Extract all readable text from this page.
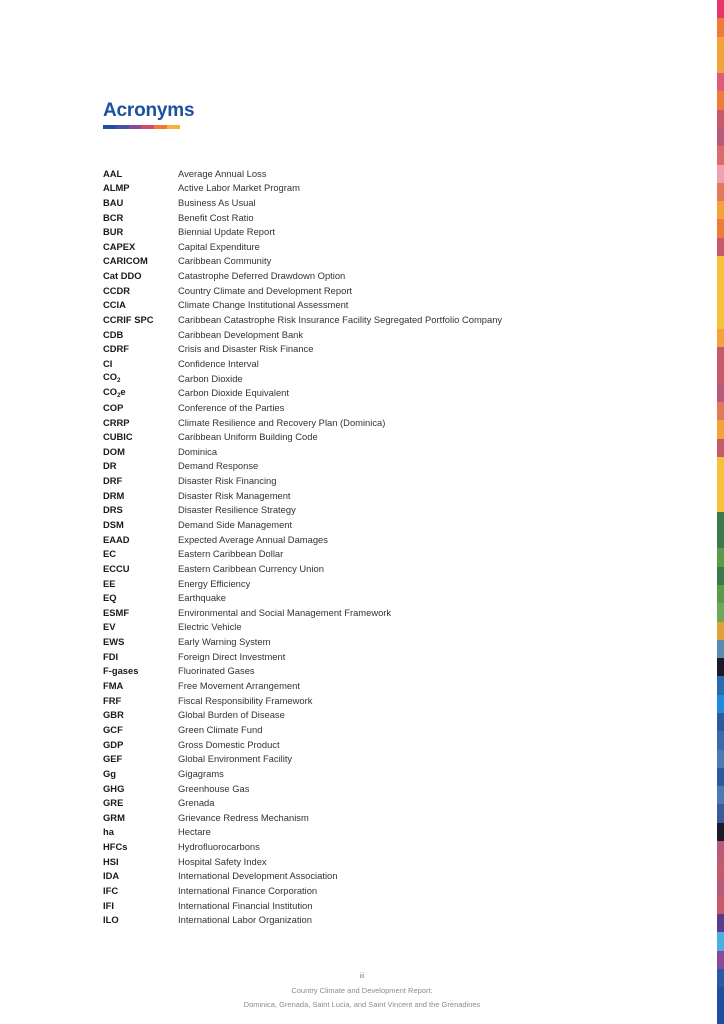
Acronyms
AAL	Average Annual Loss
ALMP	Active Labor Market Program
BAU	Business As Usual
BCR	Benefit Cost Ratio
BUR	Biennial Update Report
CAPEX	Capital Expenditure
CARICOM	Caribbean Community
Cat DDO	Catastrophe Deferred Drawdown Option
CCDR	Country Climate and Development Report
CCIA	Climate Change Institutional Assessment
CCRIF SPC	Caribbean Catastrophe Risk Insurance Facility Segregated Portfolio Company
CDB	Caribbean Development Bank
CDRF	Crisis and Disaster Risk Finance
CI	Confidence Interval
$CO_2$	Carbon Dioxide
$CO_2e$	Carbon Dioxide Equivalent
COP	Conference of the Parties
CRRP	Climate Resilience and Recovery Plan (Dominica)
CUBIC	Caribbean Uniform Building Code
DOM	Dominica
DR	Demand Response
DRF	Disaster Risk Financing
DRM	Disaster Risk Management
DRS	Disaster Resilience Strategy
DSM	Demand Side Management
EAAD	Expected Average Annual Damages
EC	Eastern Caribbean Dollar
ECCU	Eastern Caribbean Currency Union
EE	Energy Efficiency
EQ	Earthquake
ESMF	Environmental and Social Management Framework
EV	Electric Vehicle
EWS	Early Warning System
FDI	Foreign Direct Investment
F-gases	Fluorinated Gases
FMA	Free Movement Arrangement
FRF	Fiscal Responsibility Framework
GBR	Global Burden of Disease
GCF	Green Climate Fund
GDP	Gross Domestic Product
GEF	Global Environment Facility
Gg	Gigagrams
GHG	Greenhouse Gas
GRE	Grenada
GRM	Grievance Redress Mechanism
ha	Hectare
HFCs	Hydrofluorocarbons
HSI	Hospital Safety Index
IDA	International Development Association
IFC	International Finance Corporation
IFI	International Financial Institution
ILO	International Labor Organization
iii
Country Climate and Development Report:
Dominica, Grenada, Saint Lucia, and Saint Vincent and the Grenadines
